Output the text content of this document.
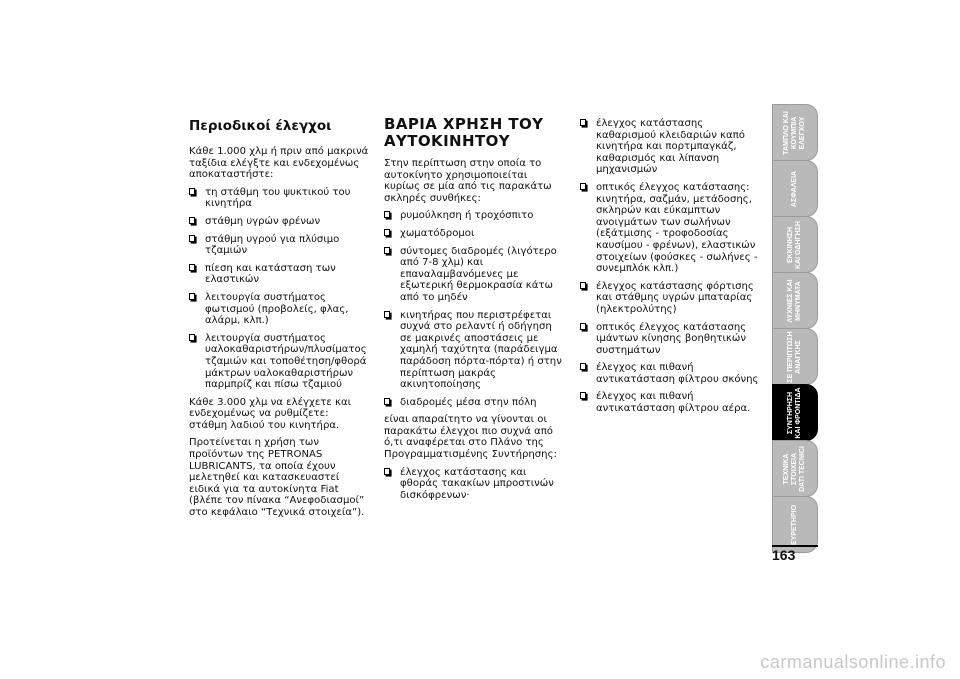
Περιοδικοί έλεγχοι

Κάθε 1.000 χλμ ή πριν από μακρινά ταξίδια ελέγξτε και ενδεχομένως αποκαταστήστε:

τη στάθμη του ψυκτικού του κινητήρα
στάθμη υγρών φρένων
στάθμη υγρού για πλύσιμο τζαμιών
πίεση και κατάσταση των ελαστικών
λειτουργία συστήματος φωτισμού (προβολείς, φλας, αλάρμ, κλπ.)
λειτουργία συστήματος υαλοκαθαριστήρων/πλυσίματος τζαμιών και τοποθέτηση/φθορά μάκτρων υαλοκαθαριστήρων παρμπρίζ και πίσω τζαμιού

Κάθε 3.000 χλμ να ελέγχετε και ενδεχομένως να ρυθμίζετε: στάθμη λαδιού του κινητήρα.

Προτείνεται η χρήση των προϊόντων της PETRONAS LUBRICANTS, τα οποία έχουν μελετηθεί και κατασκευαστεί ειδικά για τα αυτοκίνητα Fiat (βλέπε τον πίνακα “Ανεφοδιασμοί” στο κεφάλαιο “Τεχνικά στοιχεία”).

ΒΑΡΙΑ ΧΡΗΣΗ ΤΟΥ ΑΥΤΟΚΙΝΗΤΟΥ

Στην περίπτωση στην οποία το αυτοκίνητο χρησιμοποιείται κυρίως σε μία από τις παρακάτω σκληρές συνθήκες:

ρυμούλκηση ή τροχόσπιτο
χωματόδρομοι
σύντομες διαδρομές (λιγότερο από 7-8 χλμ) και επαναλαμβανόμενες με εξωτερική θερμοκρασία κάτω από το μηδέν
κινητήρας που περιστρέφεται συχνά στο ρελαντί ή οδήγηση σε μακρινές αποστάσεις με χαμηλή ταχύτητα (παράδειγμα παράδοση πόρτα-πόρτα) ή στην περίπτωση μακράς ακινητοποίησης
διαδρομές μέσα στην πόλη

είναι απαραίτητο να γίνονται οι παρακάτω έλεγχοι πιο συχνά από ό,τι αναφέρεται στο Πλάνο της Προγραμματισμένης Συντήρησης:

έλεγχος κατάστασης και φθοράς τακακίων μπροστινών δισκόφρενων·
έλεγχος κατάστασης καθαρισμού κλειδαριών καπό κινητήρα και πορτμπαγκάζ, καθαρισμός και λίπανση μηχανισμών
οπτικός έλεγχος κατάστασης: κινητήρα, σαζμάν, μετάδοσης, σκληρών και εύκαμπτων ανοιγμάτων των σωλήνων (εξάτμισης - τροφοδοσίας καυσίμου - φρένων), ελαστικών στοιχείων (φούσκες - σωλήνες - συνεμπλόκ κλπ.)
έλεγχος κατάστασης φόρτισης και στάθμης υγρών μπαταρίας (ηλεκτρολύτης)
οπτικός έλεγχος κατάστασης ιμάντων κίνησης βοηθητικών συστημάτων
έλεγχος και πιθανή αντικατάσταση φίλτρου σκόνης
έλεγχος και πιθανή αντικατάσταση φίλτρου αέρα.
ΤΑΜΠΛΟ ΚΑΙ
ΚΟΥΜΠΙΑ
ΕΛΕΓΧΟΥ
ΑΣΦΑΛΕΙΑ
ΕΚΚΙΝΗΣΗ
ΚΑΙ ΟΔΗΓΗΣΗ
ΛΥΧΝΙΕΣ ΚΑΙ
ΜΗΝΥΜΑΤΑ
ΣΕ ΠΕΡΙΠΤΩΣΗ
ΑΝΑΓΚΗΣ
ΣΥΝΤΗΡΗΣΗ
ΚΑΙ ΦΡΟΝΤΙΔΑ
ΤΕΧΝΙΚΑ
ΣΤΟΙΧΕΙΑ
DATI TECNICI
ΕΥΡΕΤΗΡΙΟ
163
carmanualsonline.info
